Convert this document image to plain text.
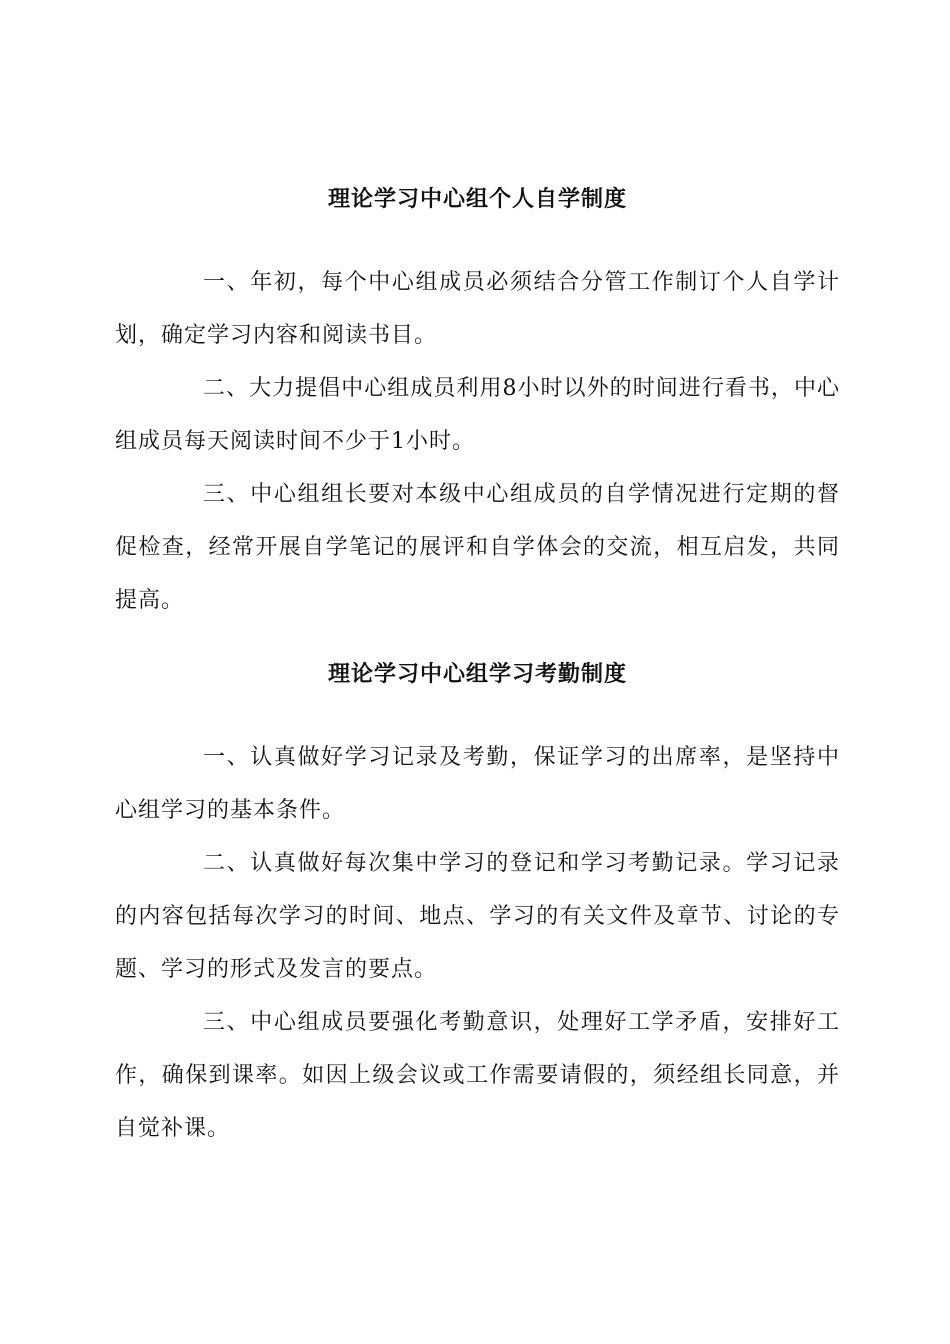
理论学习中心组个人自学制度

一、年初，每个中心组成员必须结合分管工作制订个人自学计划，确定学习内容和阅读书目。

二、大力提倡中心组成员利用8小时以外的时间进行看书，中心组成员每天阅读时间不少于1小时。

三、中心组组长要对本级中心组成员的自学情况进行定期的督促检查，经常开展自学笔记的展评和自学体会的交流，相互启发，共同提高。

理论学习中心组学习考勤制度

一、认真做好学习记录及考勤，保证学习的出席率，是坚持中心组学习的基本条件。

二、认真做好每次集中学习的登记和学习考勤记录。学习记录的内容包括每次学习的时间、地点、学习的有关文件及章节、讨论的专题、学习的形式及发言的要点。

三、中心组成员要强化考勤意识，处理好工学矛盾，安排好工作，确保到课率。如因上级会议或工作需要请假的，须经组长同意，并自觉补课。
